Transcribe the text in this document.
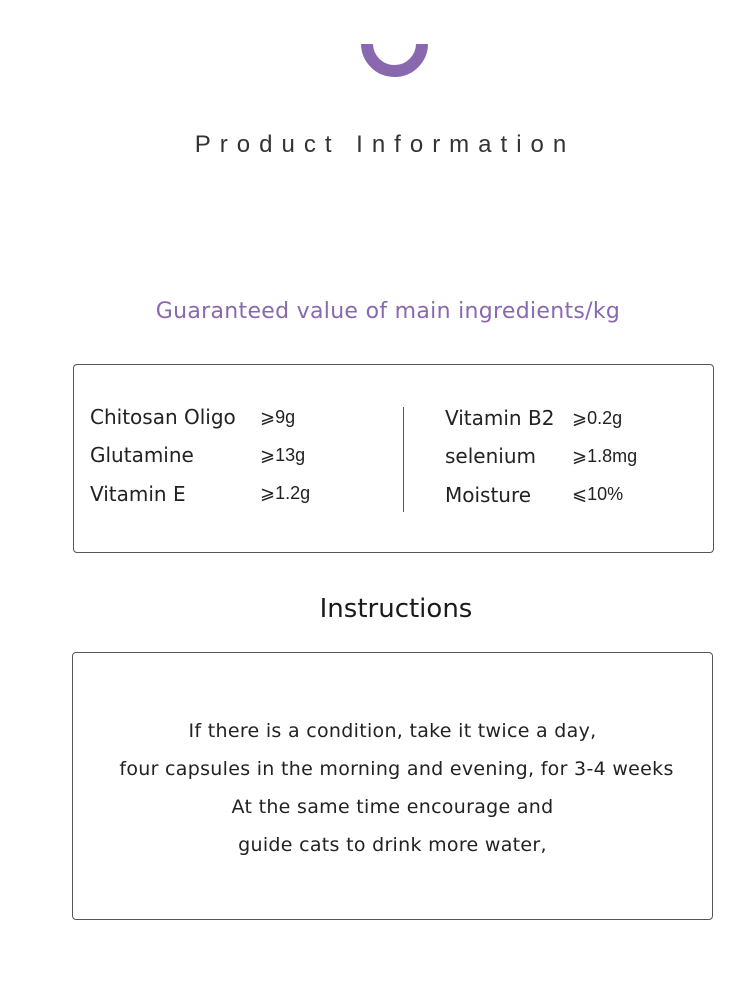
Product Information
Guaranteed value of main ingredients/kg
Chitosan Oligo ⩾9g
Glutamine	⩾13g
Vitamin E	⩾1.2g
Vitamin B2 ⩾0.2g
selenium ⩾1.8mg
Moisture ⩽10%
Instructions
If there is a condition, take it twice a day,
four capsules in the morning and evening, for 3-4 weeks
At the same time encourage and
guide cats to drink more water,
